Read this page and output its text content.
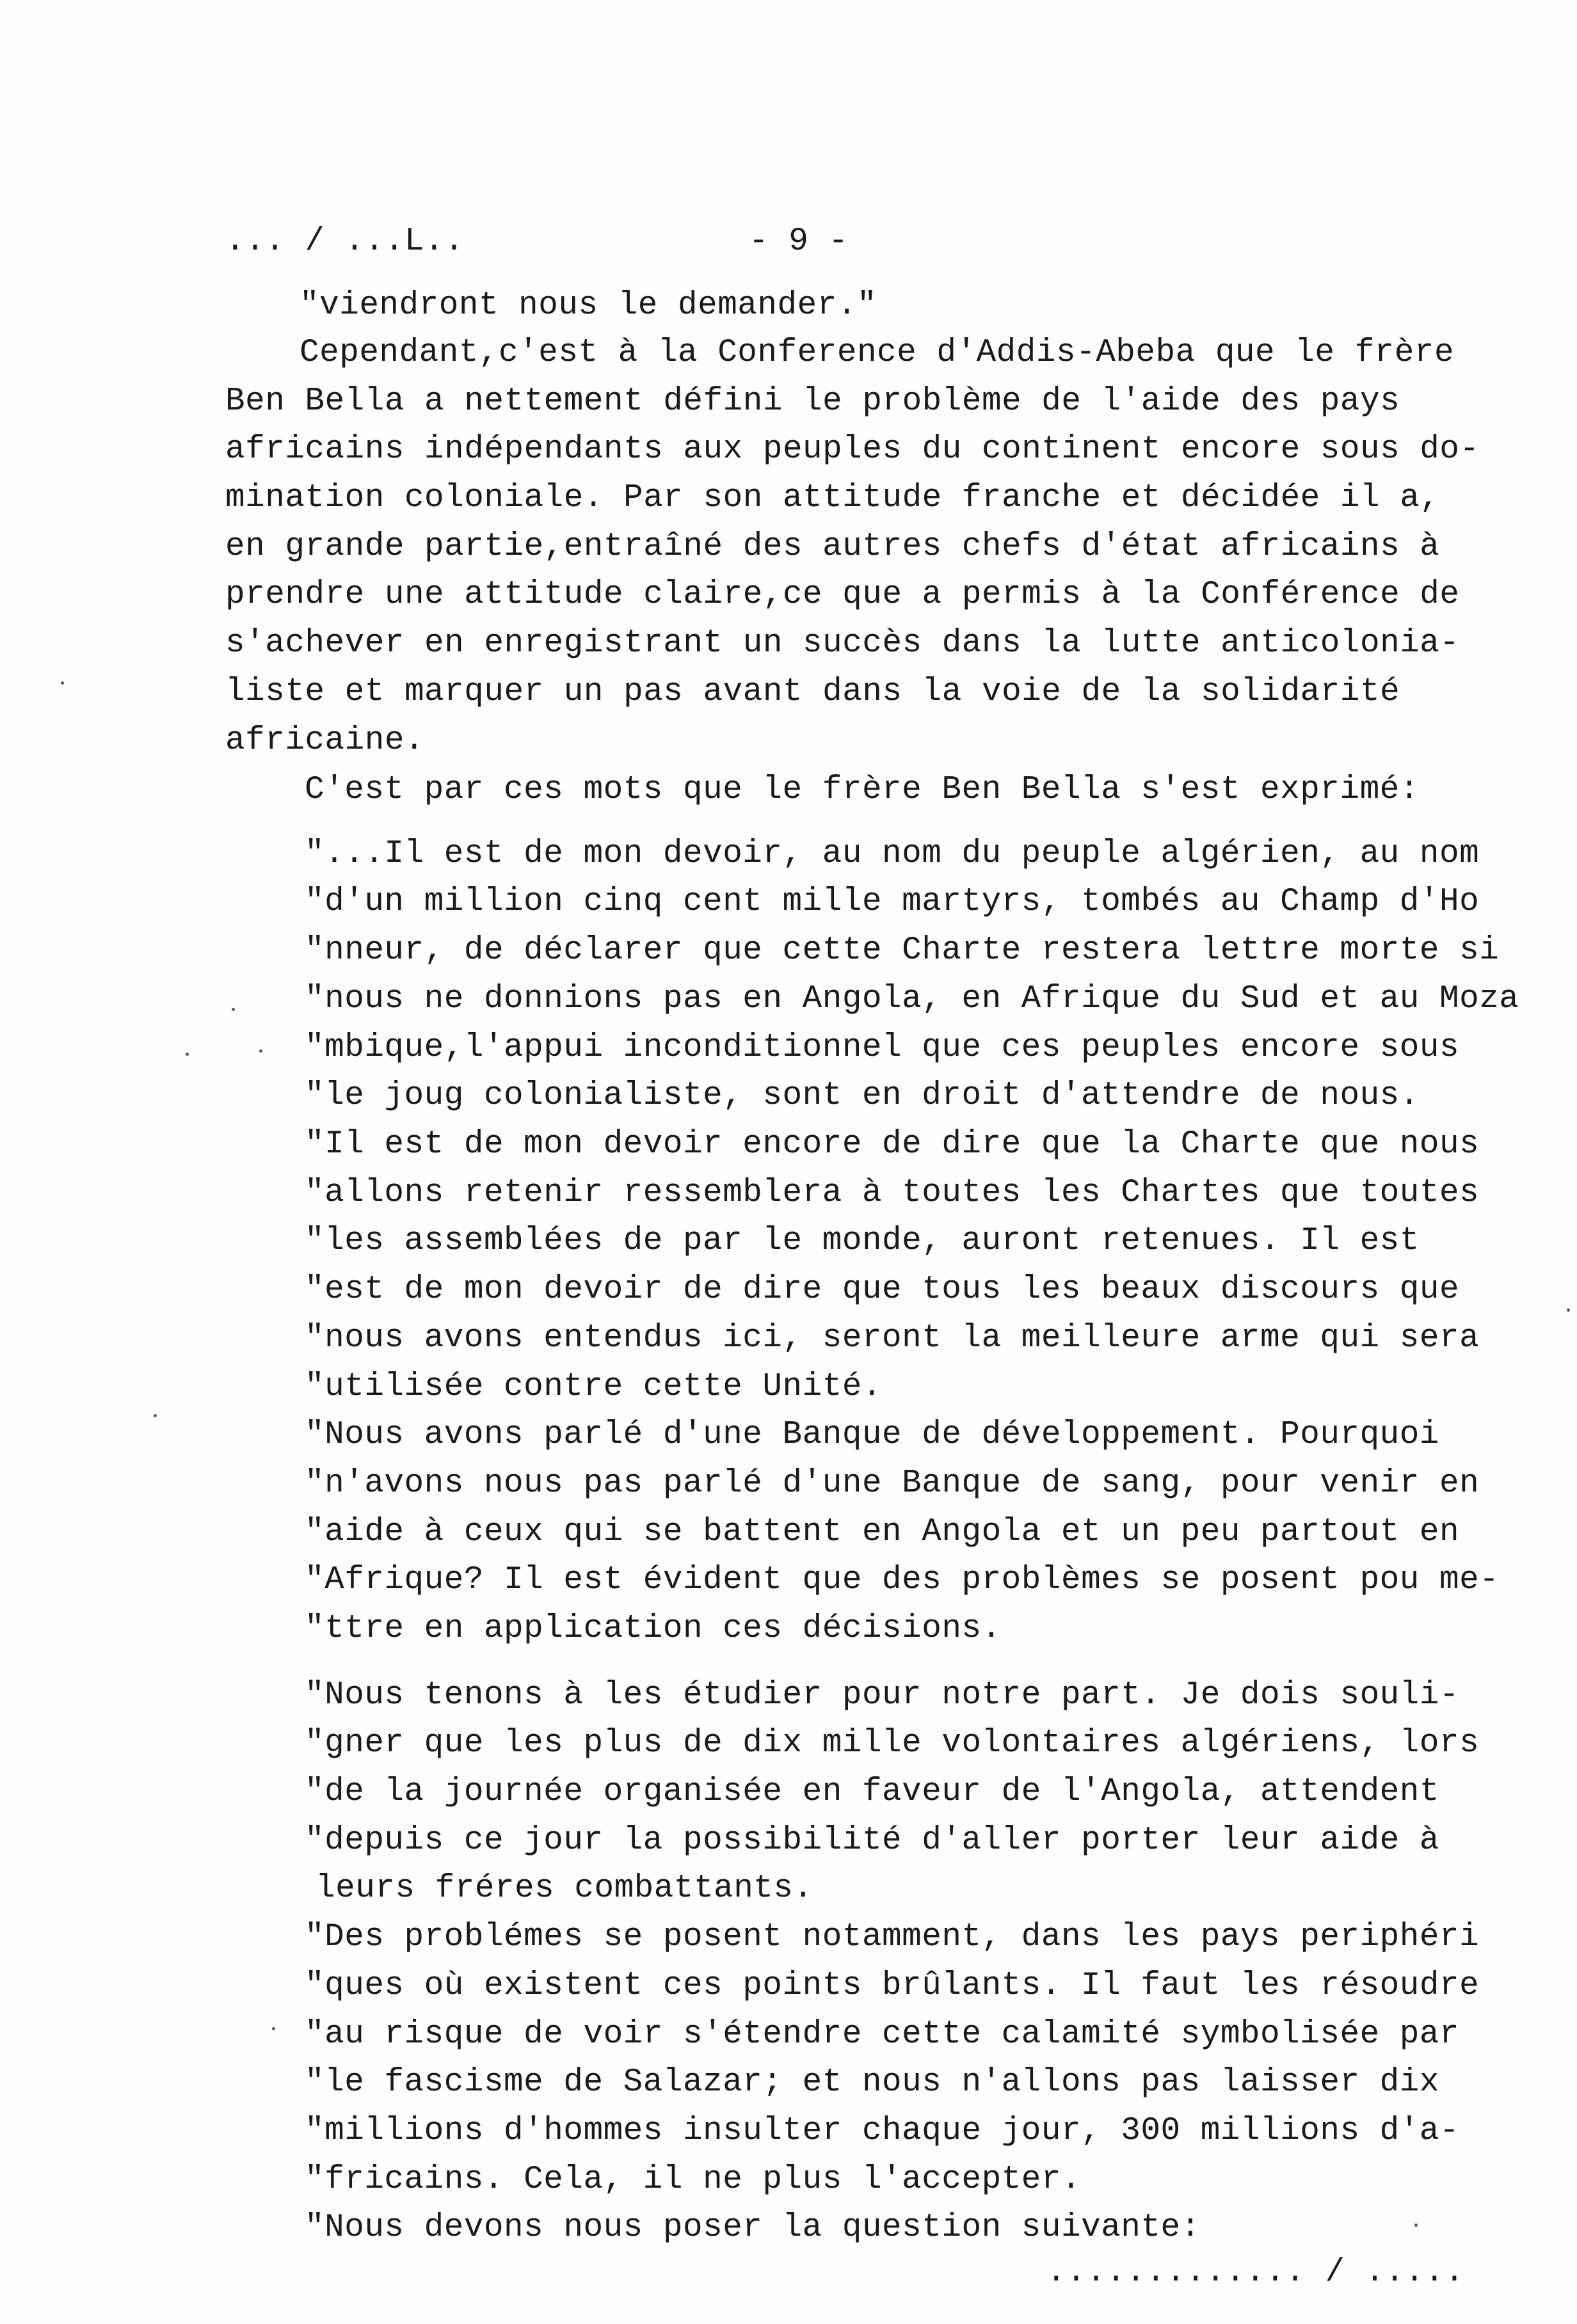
... / ...L..	- 9 -
"viendront nous le demander."
Cependant,c'est à la Conference d'Addis-Abeba que le frère
Ben Bella a nettement défini le problème de l'aide des pays
africains indépendants aux peuples du continent encore sous do-
mination coloniale. Par son attitude franche et décidée il a,
en grande partie,entraîné des autres chefs d'état africains à
prendre une attitude claire,ce que a permis à la Conférence de
s'achever en enregistrant un succès dans la lutte anticolonia-
liste et marquer un pas avant dans la voie de la solidarité
africaine.
C'est par ces mots que le frère Ben Bella s'est exprimé:
"...Il est de mon devoir, au nom du peuple algérien, au nom
"d'un million cinq cent mille martyrs, tombés au Champ d'Ho
"nneur, de déclarer que cette Charte restera lettre morte si
"nous ne donnions pas en Angola, en Afrique du Sud et au Moza
"mbique,l'appui inconditionnel que ces peuples encore sous
"le joug colonialiste, sont en droit d'attendre de nous.
"Il est de mon devoir encore de dire que la Charte que nous
"allons retenir ressemblera à toutes les Chartes que toutes
"les assemblées de par le monde, auront retenues. Il est
"est de mon devoir de dire que tous les beaux discours que
"nous avons entendus ici, seront la meilleure arme qui sera
"utilisée contre cette Unité.
"Nous avons parlé d'une Banque de développement. Pourquoi
"n'avons nous pas parlé d'une Banque de sang, pour venir en
"aide à ceux qui se battent en Angola et un peu partout en
"Afrique? Il est évident que des problèmes se posent pou me-
"ttre en application ces décisions.
"Nous tenons à les étudier pour notre part. Je dois souli-
"gner que les plus de dix mille volontaires algériens, lors
"de la journée organisée en faveur de l'Angola, attendent
"depuis ce jour la possibilité d'aller porter leur aide à
leurs fréres combattants.
"Des problémes se posent notamment, dans les pays periphéri
"ques où existent ces points brûlants. Il faut les résoudre
"au risque de voir s'étendre cette calamité symbolisée par
"le fascisme de Salazar; et nous n'allons pas laisser dix
"millions d'hommes insulter chaque jour, 300 millions d'a-
"fricains. Cela, il ne plus l'accepter.
"Nous devons nous poser la question suivante:
............. / .....
